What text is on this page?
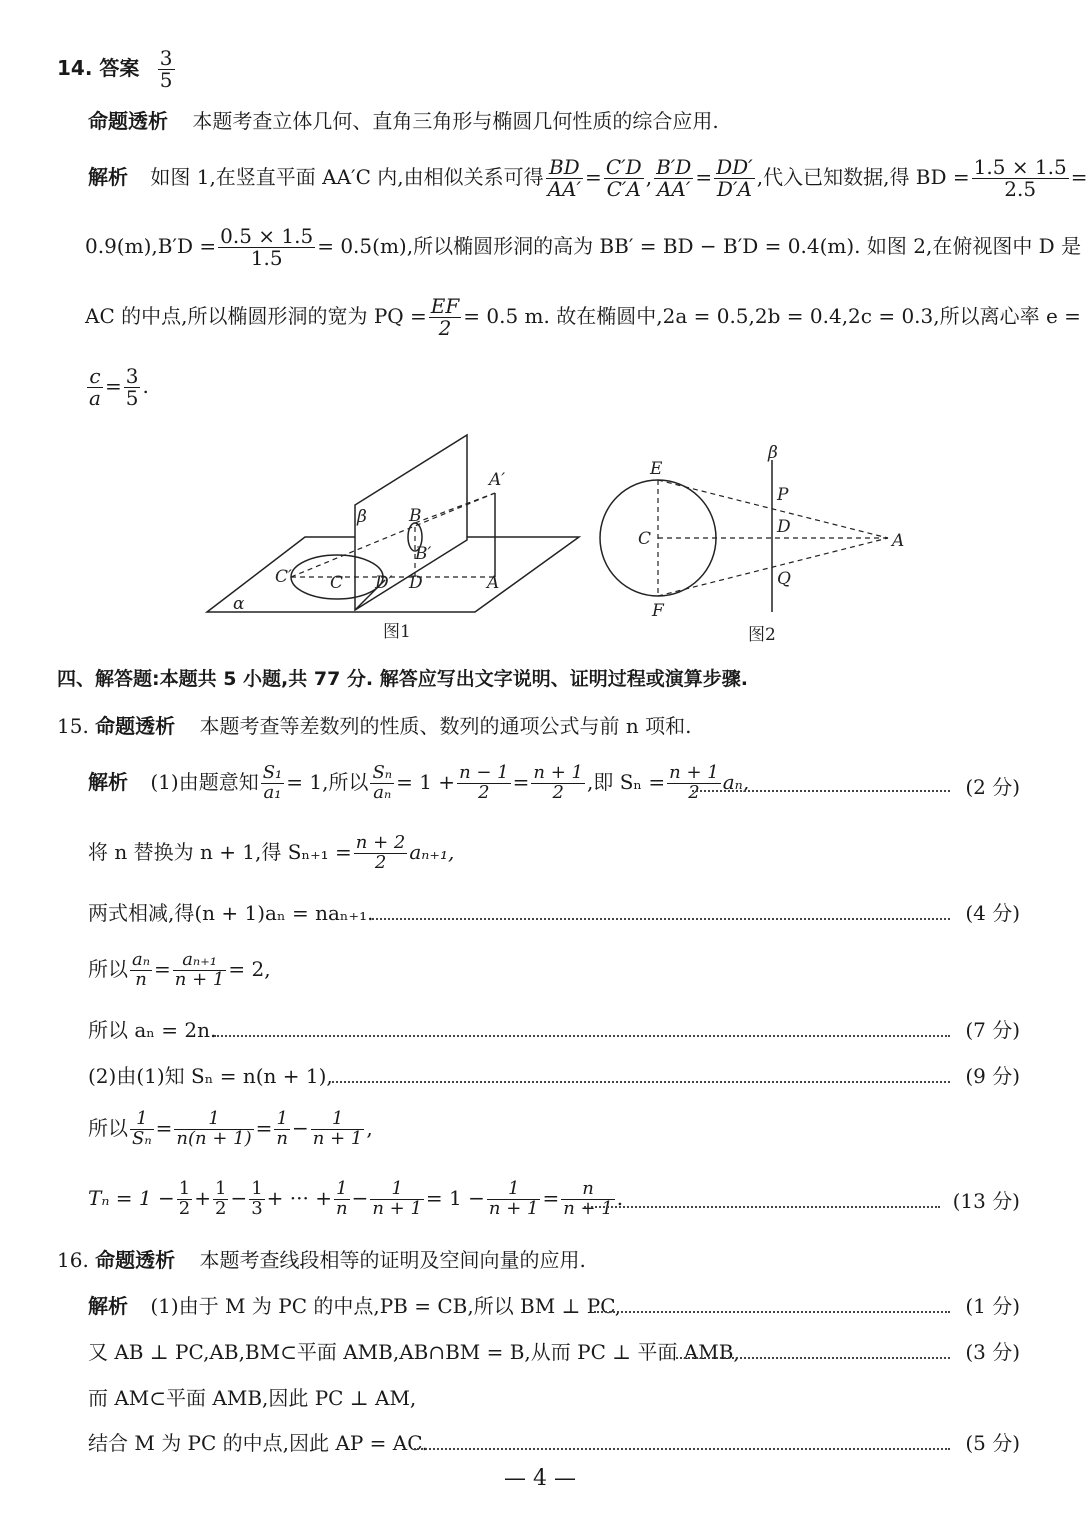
14. 答案 $\frac{3}{5}$
命题透析 本题考查立体几何、直角三角形与椭圆几何性质的综合应用.
解析 如图 1,在竖直平面 AA′C 内,由相似关系可得 $\frac{BD}{AA'} = \frac{C'D}{C'A}$ , $\frac{B'D}{AA'} = \frac{DD'}{D'A}$ ,代入已知数据,得 BD = $\frac{1.5 \times 1.5}{2.5}$ =
$0.9(m),B'D = \frac{0.5 \times 1.5}{1.5} = 0.5(m)$,所以椭圆形洞的高为 BB′ = BD − B′D = 0.4(m). 如图 2,在俯视图中 D 是
AC 的中点,所以椭圆形洞的宽为 PQ = $\frac{EF}{2} = 0.5$ m. 故在椭圆中,2a = 0.5,2b = 0.4,2c = 0.3,所以离心率 e =
$\frac{c}{a} = \frac{3}{5}$ .
β
α
A′
B
B′
C′ C D′ D	A
图1
β
E
P
C
D
A
Q
F
图2
四、解答题:本题共 5 小题,共 77 分. 解答应写出文字说明、证明过程或演算步骤.
15. 命题透析 本题考查等差数列的性质、数列的通项公式与前 n 项和.
解析 (1)由题意知 $\frac{\text{S₁}}{\text{a₁}} = 1$,所以 $\frac{\text{Sₙ}}{\text{aₙ}} = 1 + \frac{n - 1}{2} = \frac{n + 1}{2}$ ,即 $S_n = \frac{n + 1}{2} a_n$,	(2 分)
将 n 替换为 n + 1,得 $S_{n+1} = \frac{n + 2}{2} a_{n+1}$,
两式相减,得(n + 1)aₙ = naₙ₊₁.	(4 分)
所以 $\frac{\text{aₙ}}{n} = \frac{\text{aₙ₊₁}}{n + 1} = 2$,
所以 aₙ = 2n.	(7 分)
(2)由(1)知 Sₙ = n(n + 1),	(9 分)
所以 $\frac{1}{\text{Sₙ}} = \frac{1}{n(n + 1)} = \frac{1}{n} - \frac{1}{n + 1}$ ,
$T_n = 1 - \frac{1}{2} + \frac{1}{2} - \frac{1}{3}$ + ··· + $\frac{1}{n} - \frac{1}{n + 1} = 1 - \frac{1}{n + 1} = \frac{n}{n + 1}$ .	(13 分)
16. 命题透析 本题考查线段相等的证明及空间向量的应用.
解析 (1)由于 M 为 PC 的中点,PB = CB,所以 BM ⊥ PC,	(1 分)
又 AB ⊥ PC,AB,BM⊂平面 AMB,AB∩BM = B,从而 PC ⊥ 平面 AMB,	(3 分)
而 AM⊂平面 AMB,因此 PC ⊥ AM,
结合 M 为 PC 的中点,因此 AP = AC.	(5 分)
— 4 —
